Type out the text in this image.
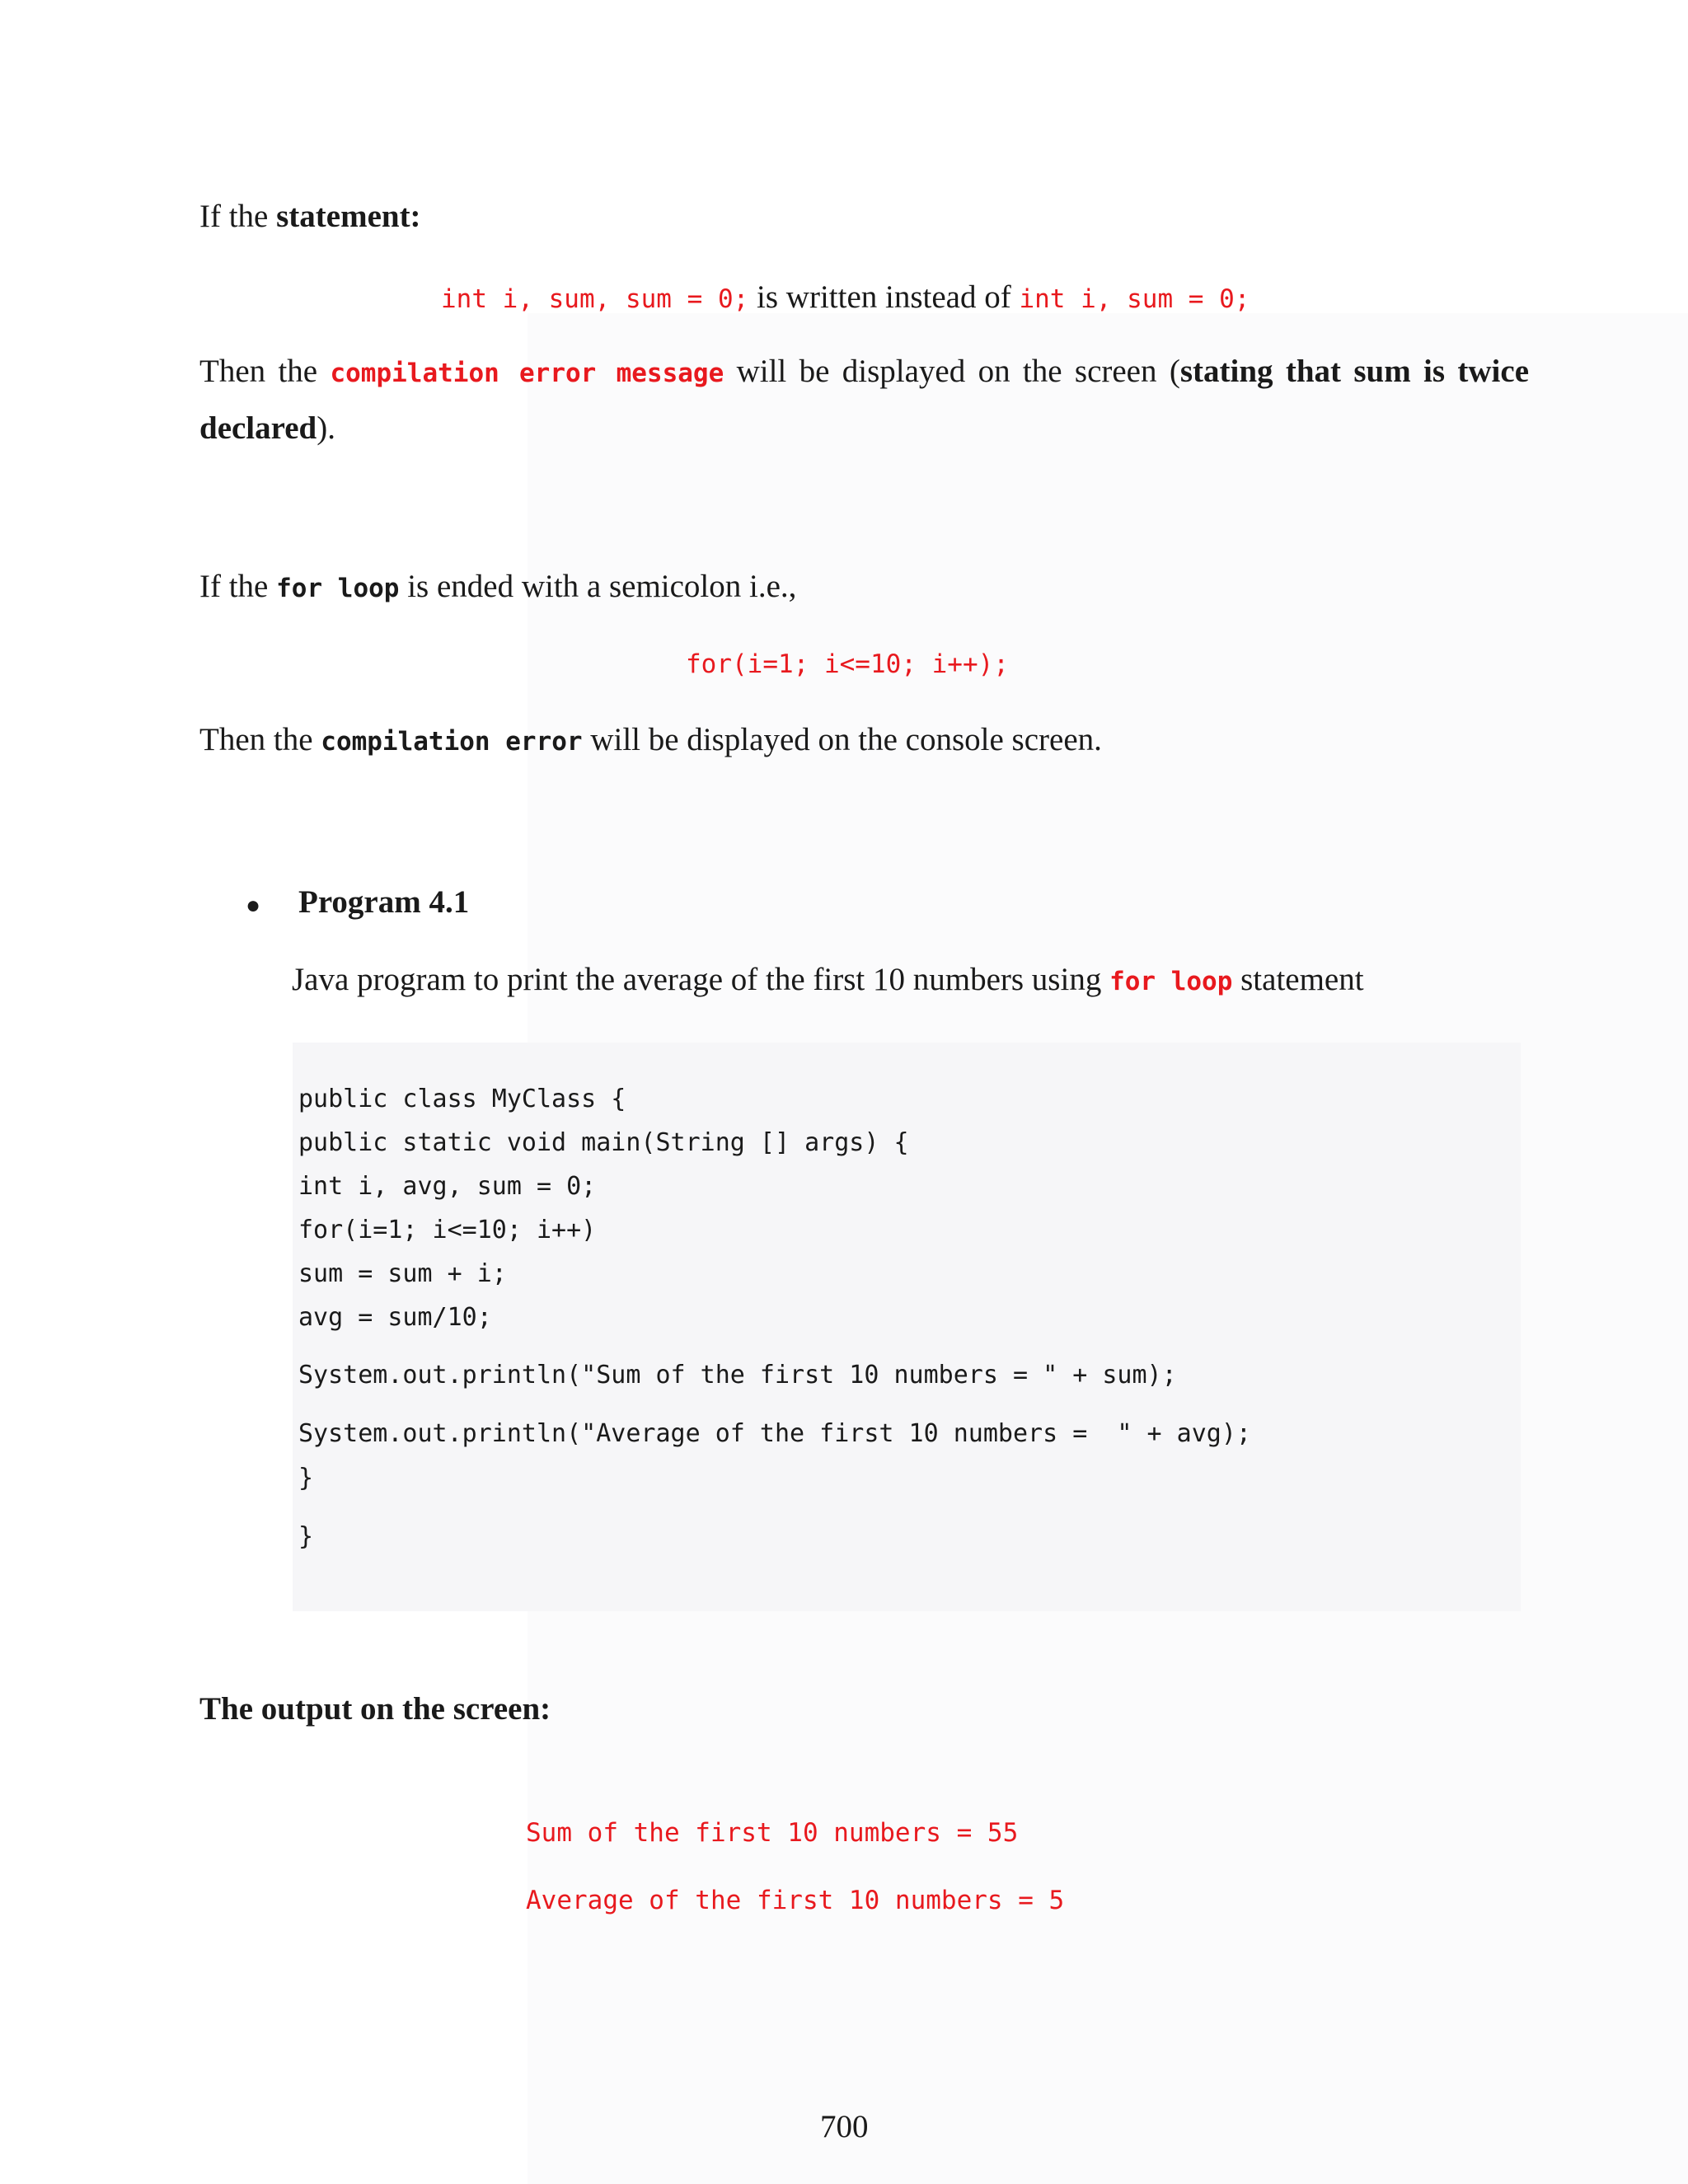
If the statement:
int i, sum, sum = 0; is written instead of int i, sum = 0;
Then the compilation error message will be displayed on the screen (stating that sum is twice
declared).
If the for loop is ended with a semicolon i.e.,
for(i=1; i<=10; i++);
Then the compilation error will be displayed on the console screen.
● Program 4.1
Java program to print the average of the first 10 numbers using for loop statement
public class MyClass {
public static void main(String [] args) {
int i, avg, sum = 0;
for(i=1; i<=10; i++)
sum = sum + i;
avg = sum/10;
System.out.println("Sum of the first 10 numbers = " + sum);
System.out.println("Average of the first 10 numbers =  " + avg);
}
}
The output on the screen:
Sum of the first 10 numbers = 55
Average of the first 10 numbers = 5
700
